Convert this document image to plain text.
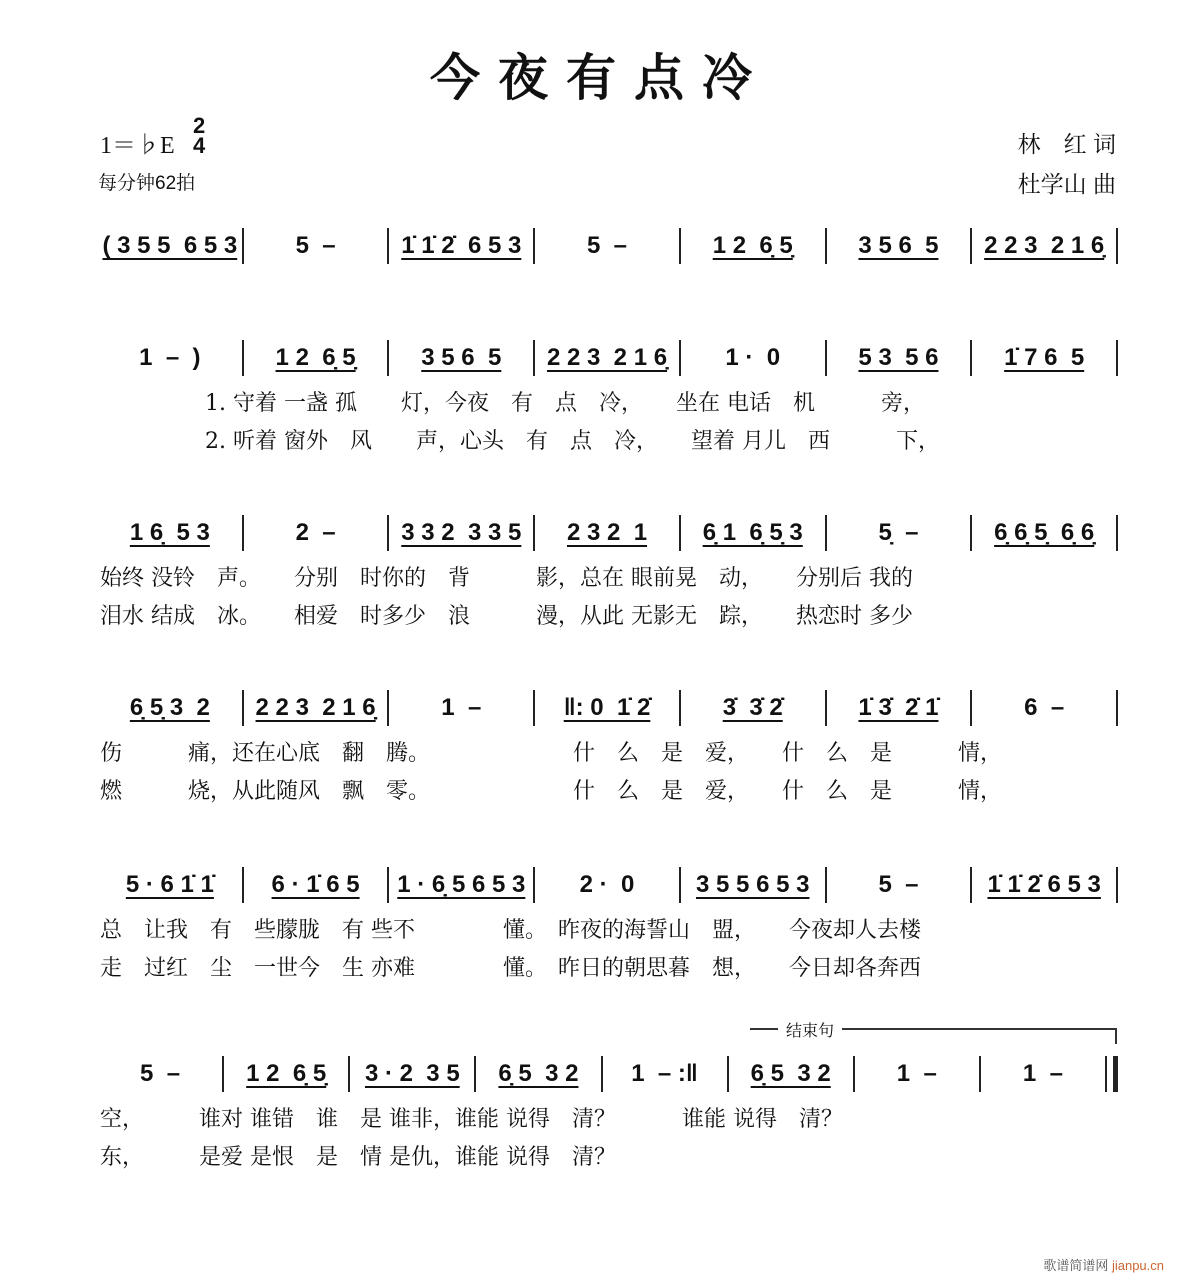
今夜有点冷
1＝♭E
2
4
每分钟62拍
林　红 词
杜学山 曲
结束句
( 3 5 5  6 5 3	5  –	1̇ 1̇ 2̇  6 5 3	5  –	1 2  6̣ 5̣	3 5 6  5	2 2 3  2 1 6̣
1  –  )	1 2  6̣ 5̣	3 5 6  5	2 2 3  2 1 6̣	1 ·  0	5 3  5 6	1̇ 7 6  5
1. 守着 一盏 孤　　灯，今夜　有　点　冷，　　坐在 电话　机　　　旁，
2. 听着 窗外　风　　声，心头　有　点　冷，　　望着 月儿　西　　　下，
1 6̣  5 3	2  –	3 3 2  3 3 5	2 3 2  1	6̣ 1  6̣ 5̣ 3	5̣  –	6̣ 6̣ 5̣  6̣ 6̣
始终 没铃　声。　　分别　时你的　背　　　影，总在 眼前晃　动，　　分别后 我的
泪水 结成　冰。　　相爱　时多少　浪　　　漫，从此 无影无　踪，　　热恋时 多少
6̣ 5̣ 3  2	2 2 3  2 1 6̣	1  –	‖: 0  1̇ 2̇	3̇  3̇ 2̇	1̇ 3̇  2̇ 1̇	6  –
伤　　　痛，还在心底　翻　腾。　　　　　　　什　么　是　爱，　　什　么　是　　　情，
燃　　　烧，从此随风　飘　零。　　　　　　　什　么　是　爱，　　什　么　是　　　情，
5 · 6 1̇ 1̇	6 · 1̇ 6 5	1 · 6̣ 5 6 5 3	2 ·  0	3 5 5 6 5 3	5  –	1̇ 1̇ 2̇ 6 5 3
总　让我　有　些朦胧　有 些不　　　　懂。　昨夜的海誓山　盟，　　今夜却人去楼
走　过红　尘　一世今　生 亦难　　　　懂。　昨日的朝思暮　想，　　今日却各奔西
5  –	1 2  6̣ 5̣	3 · 2  3 5	6̣ 5  3 2	1  – :‖	6̣ 5  3 2	1  –	1  –
空，　　　谁对 谁错　谁　是 谁非，谁能 说得　清？　　　谁能 说得　清？
东，　　　是爱 是恨　是　情 是仇，谁能 说得　清？
歌谱简谱网 jianpu.cn
